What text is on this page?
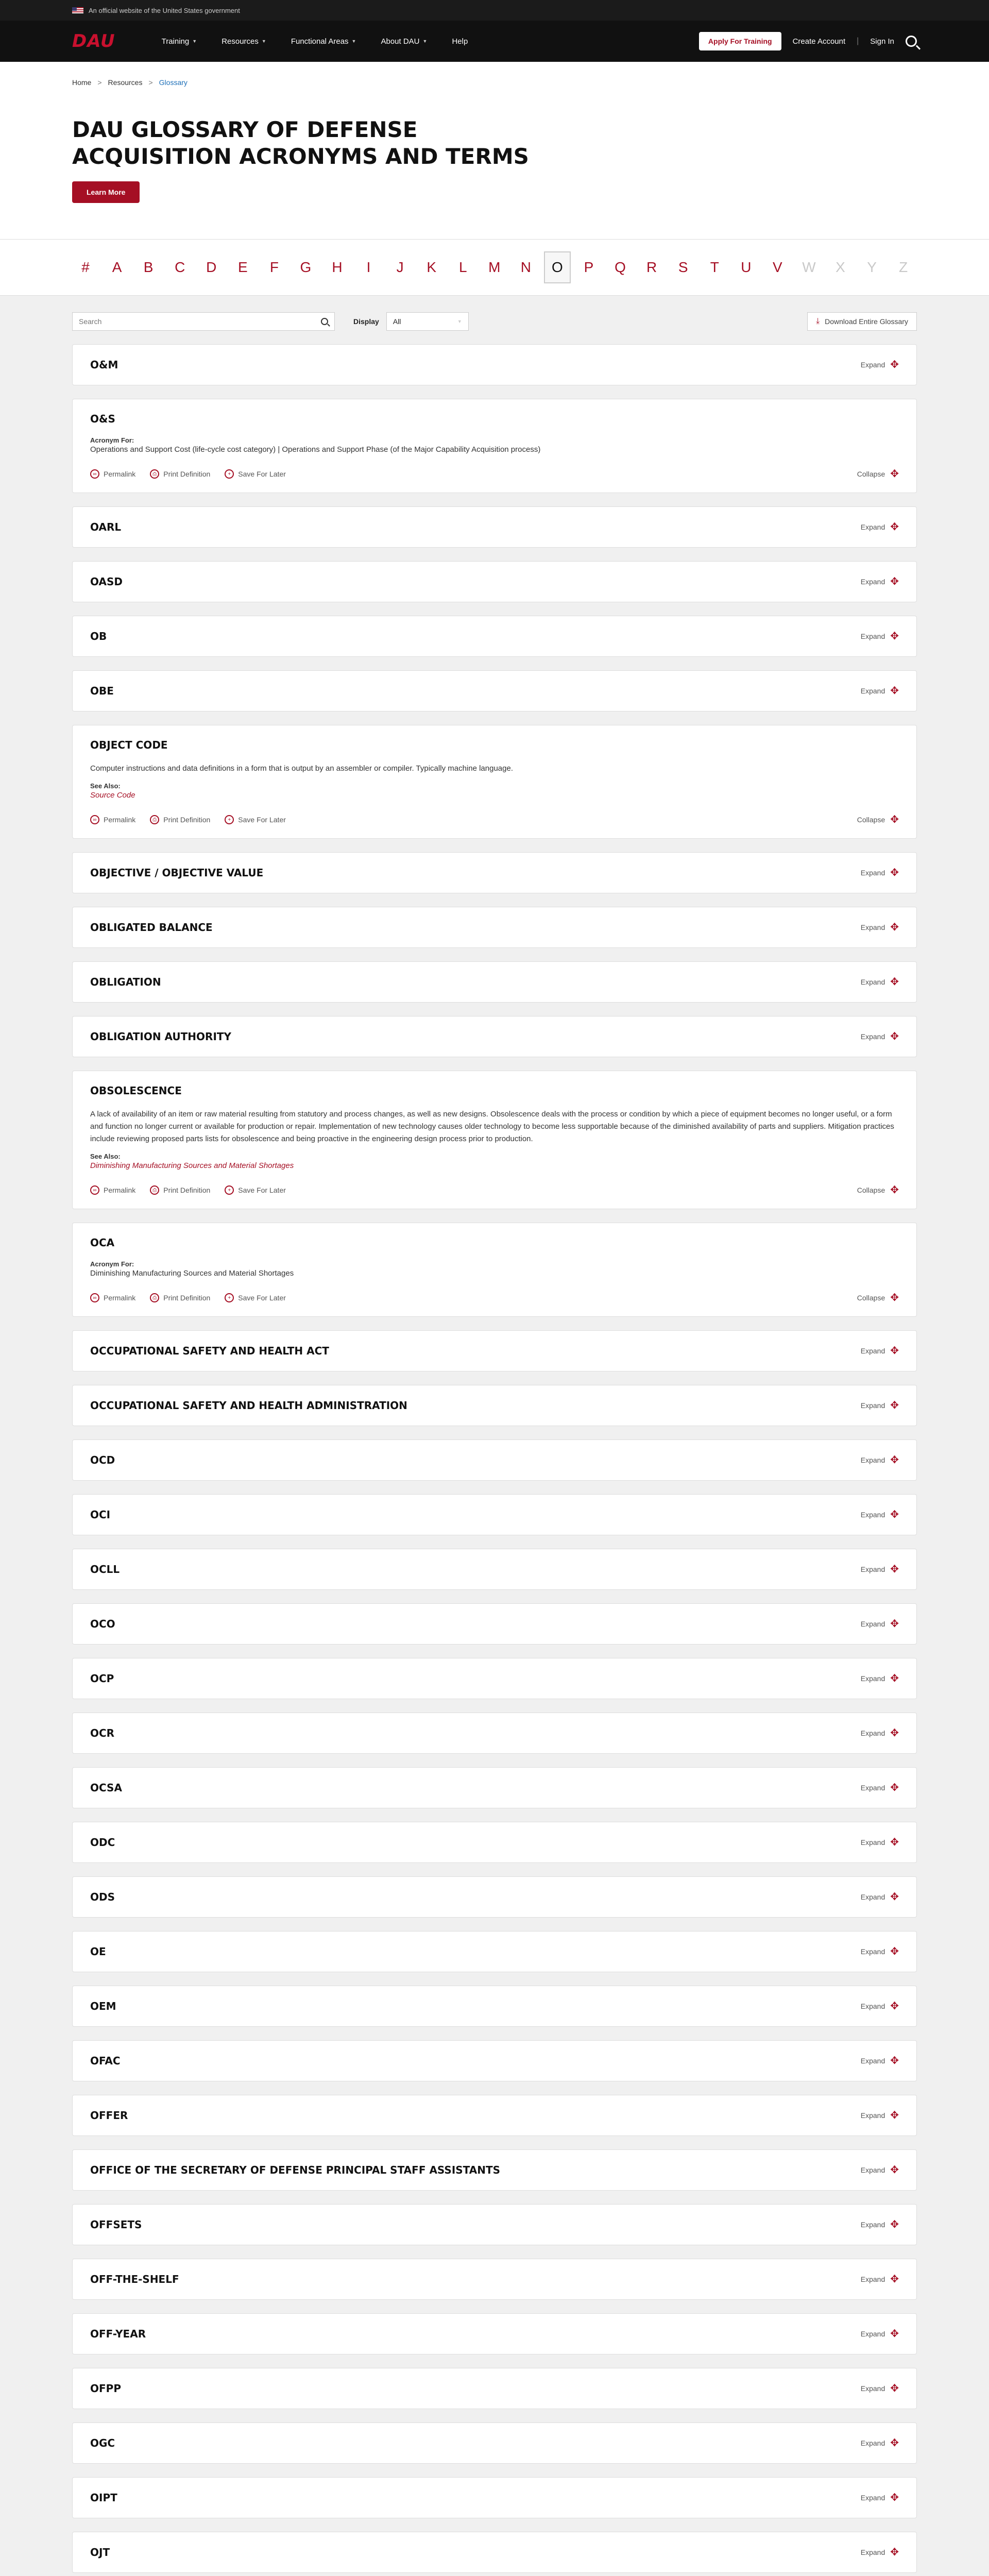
An official website of the United States government
DAU	Training ▼	Resources ▼	Functional Areas ▼	About DAU ▼	Help	Apply For Training	Create Account | Sign In
Home > Resources > Glossary
DAU GLOSSARY OF DEFENSE ACQUISITION ACRONYMS AND TERMS
Learn More
#	A	B	C	D	E	F	G	H	I	J	K	L	M	N	O	P	Q	R	S	T	U	V	W	X	Y	Z
Search
Display All	▼	⤓ Download Entire Glossary
O&M	Expand ✥
O&S
Acronym For:
Operations and Support Cost (life-cycle cost category) | Operations and Support Phase (of the Major Capability Acquisition process)
∞ Permalink	⎙ Print Definition	+	Save For Later	Collapse ✥
OARL	Expand ✥
OASD	Expand ✥
OB	Expand ✥
OBE	Expand ✥
OBJECT CODE

Computer instructions and data definitions in a form that is output by an assembler or compiler. Typically machine language.

See Also:
Source Code
∞ Permalink	⎙ Print Definition	+	Save For Later	Collapse ✥
OBJECTIVE / OBJECTIVE VALUE	Expand ✥
OBLIGATED BALANCE	Expand ✥
OBLIGATION	Expand ✥
OBLIGATION AUTHORITY	Expand ✥
OBSOLESCENCE

A lack of availability of an item or raw material resulting from statutory and process changes, as well as new designs. Obsolescence deals with the process or condition by which a piece of equipment becomes no longer useful, or a form and function no longer current or available for production or repair. Implementation of new technology causes older technology to become less supportable because of the diminished availability of parts and suppliers. Mitigation practices include reviewing proposed parts lists for obsolescence and being proactive in the engineering design process prior to production.

See Also:
Diminishing Manufacturing Sources and Material Shortages
∞ Permalink	⎙ Print Definition	+	Save For Later	Collapse ✥
OCA
Acronym For:
Diminishing Manufacturing Sources and Material Shortages
∞ Permalink	⎙ Print Definition	+	Save For Later	Collapse ✥
OCCUPATIONAL SAFETY AND HEALTH ACT	Expand ✥
OCCUPATIONAL SAFETY AND HEALTH ADMINISTRATION	Expand ✥
OCD	Expand ✥
OCI	Expand ✥
OCLL	Expand ✥
OCO	Expand ✥
OCP	Expand ✥
OCR	Expand ✥
OCSA	Expand ✥
ODC	Expand ✥
ODS	Expand ✥
OE	Expand ✥
OEM	Expand ✥
OFAC	Expand ✥
OFFER	Expand ✥
OFFICE OF THE SECRETARY OF DEFENSE PRINCIPAL STAFF ASSISTANTS	Expand ✥
OFFSETS	Expand ✥
OFF-THE-SHELF	Expand ✥
OFF-YEAR	Expand ✥
OFPP	Expand ✥
OGC	Expand ✥
OIPT	Expand ✥
OJT	Expand ✥
